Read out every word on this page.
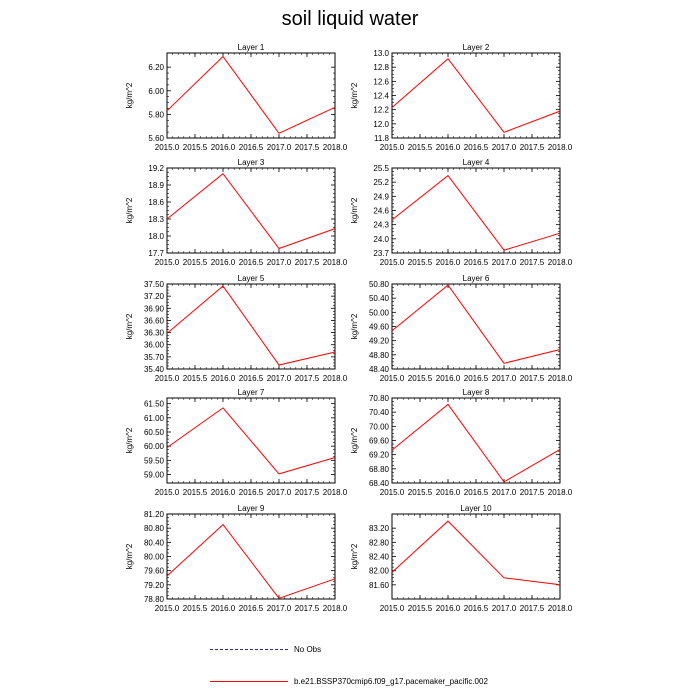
soil liquid water
Layer 1
kg/m^2
5.60
5.80
6.00
6.20
2015.0 2015.5 2016.0 2016.5 2017.0 2017.5 2018.0
Layer 2
kg/m^2
11.8
12.0
12.2
12.4
12.6
12.8
13.0
2015.0 2015.5 2016.0 2016.5 2017.0 2017.5 2018.0
Layer 3
kg/m^2
17.7
18.0
18.3
18.6
18.9
19.2
2015.0 2015.5 2016.0 2016.5 2017.0 2017.5 2018.0
Layer 4
kg/m^2
23.7
24.0
24.3
24.6
24.9
25.2
25.5
2015.0 2015.5 2016.0 2016.5 2017.0 2017.5 2018.0
Layer 5
kg/m^2
35.40
35.70
36.00
36.30
36.60
36.90
37.20
37.50
2015.0 2015.5 2016.0 2016.5 2017.0 2017.5 2018.0
Layer 6
kg/m^2
48.40
48.80
49.20
49.60
50.00
50.40
50.80
2015.0 2015.5 2016.0 2016.5 2017.0 2017.5 2018.0
Layer 7
kg/m^2
59.00
59.50
60.00
60.50
61.00
61.50
2015.0 2015.5 2016.0 2016.5 2017.0 2017.5 2018.0
Layer 8
kg/m^2
68.40
68.80
69.20
69.60
70.00
70.40
70.80
2015.0 2015.5 2016.0 2016.5 2017.0 2017.5 2018.0
Layer 9
kg/m^2
78.80
79.20
79.60
80.00
80.40
80.80
81.20
2015.0 2015.5 2016.0 2016.5 2017.0 2017.5 2018.0
Layer 10
kg/m^2
81.60
82.00
82.40
82.80
83.20
2015.0 2015.5 2016.0 2016.5 2017.0 2017.5 2018.0
No Obs
b.e21.BSSP370cmip6.f09_g17.pacemaker_pacific.002
